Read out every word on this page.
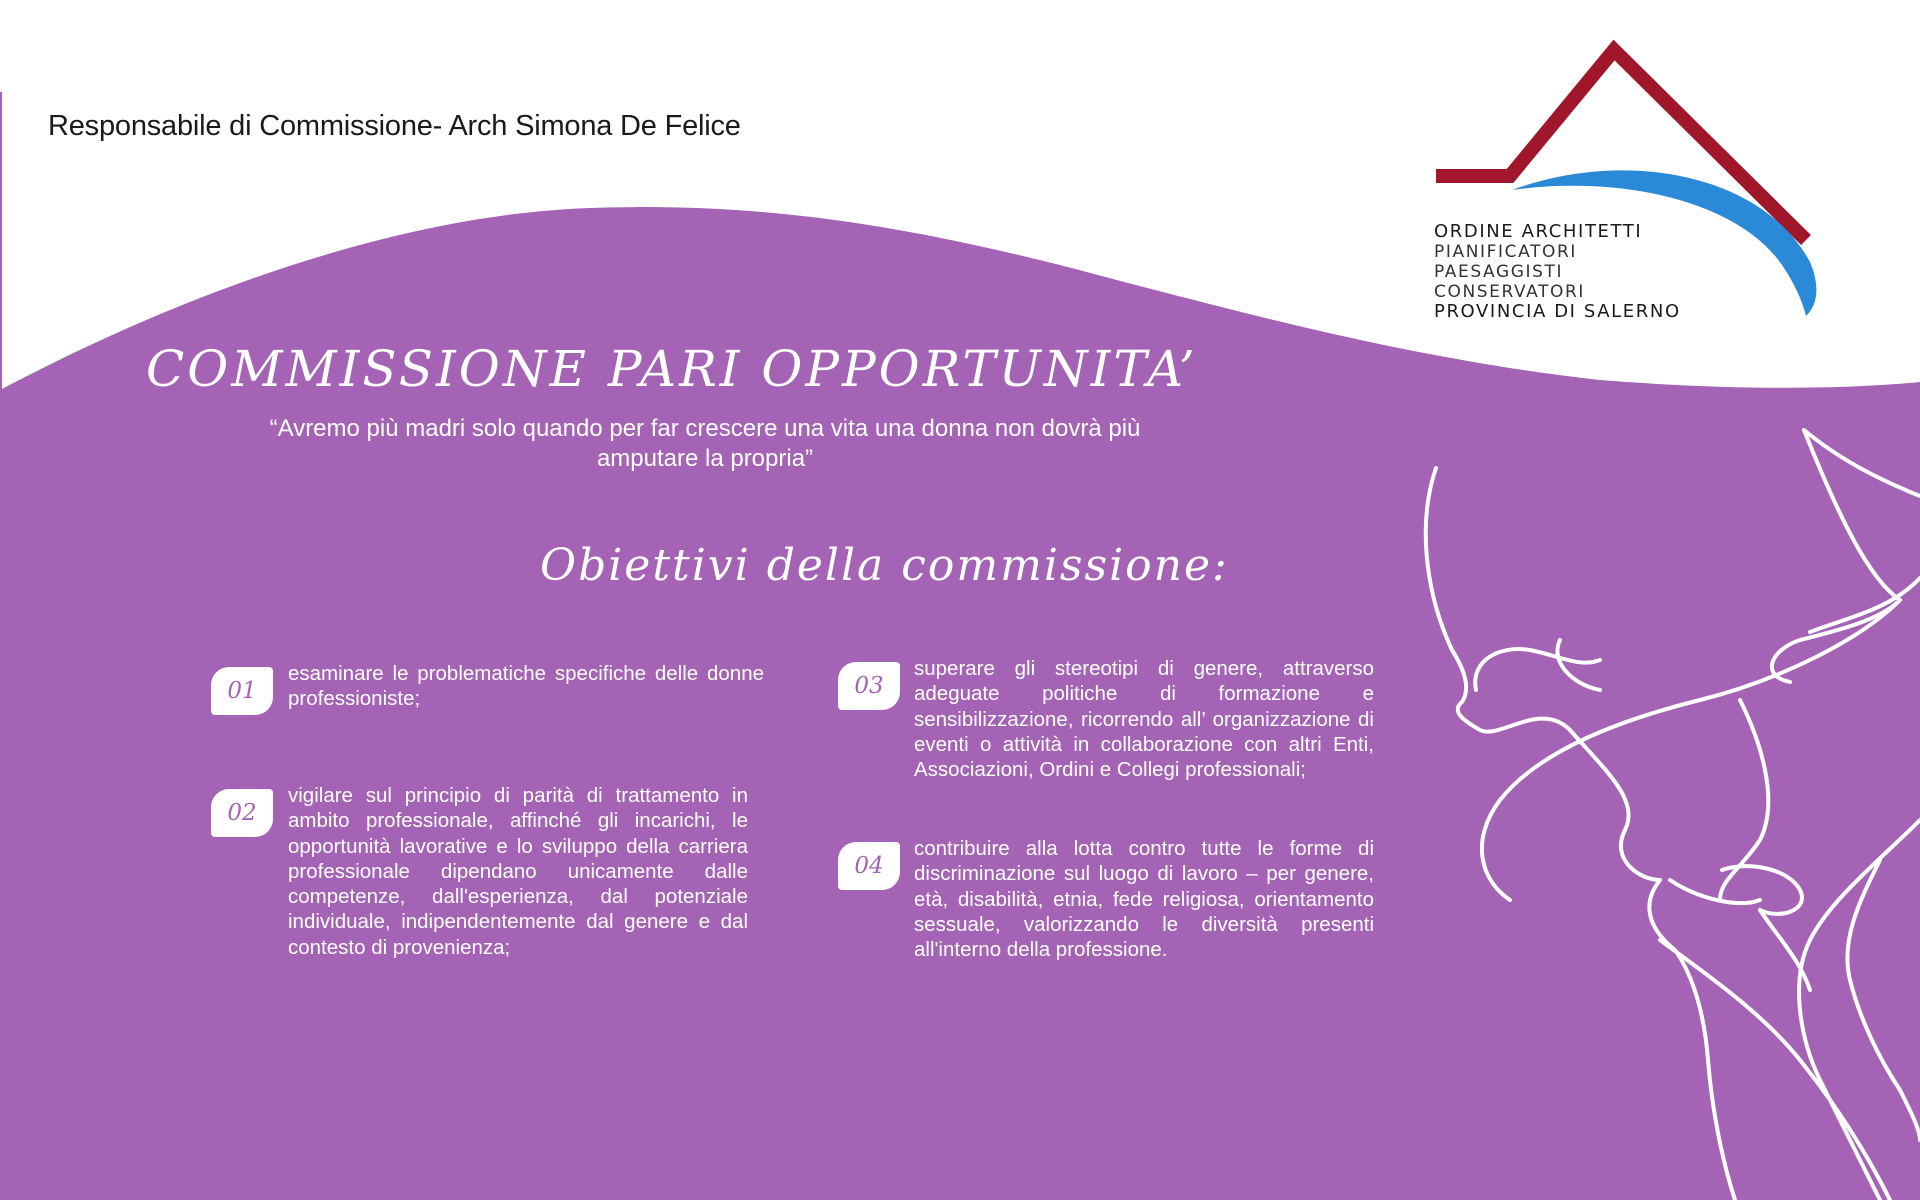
Responsabile di Commissione- Arch Simona De Felice
ORDINE ARCHITETTI
PIANIFICATORI
PAESAGGISTI
CONSERVATORI
PROVINCIA DI SALERNO
COMMISSIONE PARI OPPORTUNITA’
“Avremo più madri solo quando per far crescere una vita una donna non dovrà più
amputare la propria”
Obiettivi della commissione:
01
esaminare le problematiche specifiche delle donne professioniste;
02
vigilare sul principio di parità di trattamento in ambito professionale, affinché gli incarichi, le opportunità lavorative e lo sviluppo della carriera professionale dipendano unicamente dalle competenze, dall'esperienza, dal potenziale individuale, indipendentemente dal genere e dal contesto di provenienza;
03
superare gli stereotipi di genere, attraverso adeguate politiche di formazione e sensibilizzazione, ricorrendo all’ organizzazione di eventi o attività in collaborazione con altri Enti, Associazioni, Ordini e Collegi professionali;
04
contribuire alla lotta contro tutte le forme di discriminazione sul luogo di lavoro – per genere, età, disabilità, etnia, fede religiosa, orientamento sessuale, valorizzando le diversità presenti all'interno della professione.
